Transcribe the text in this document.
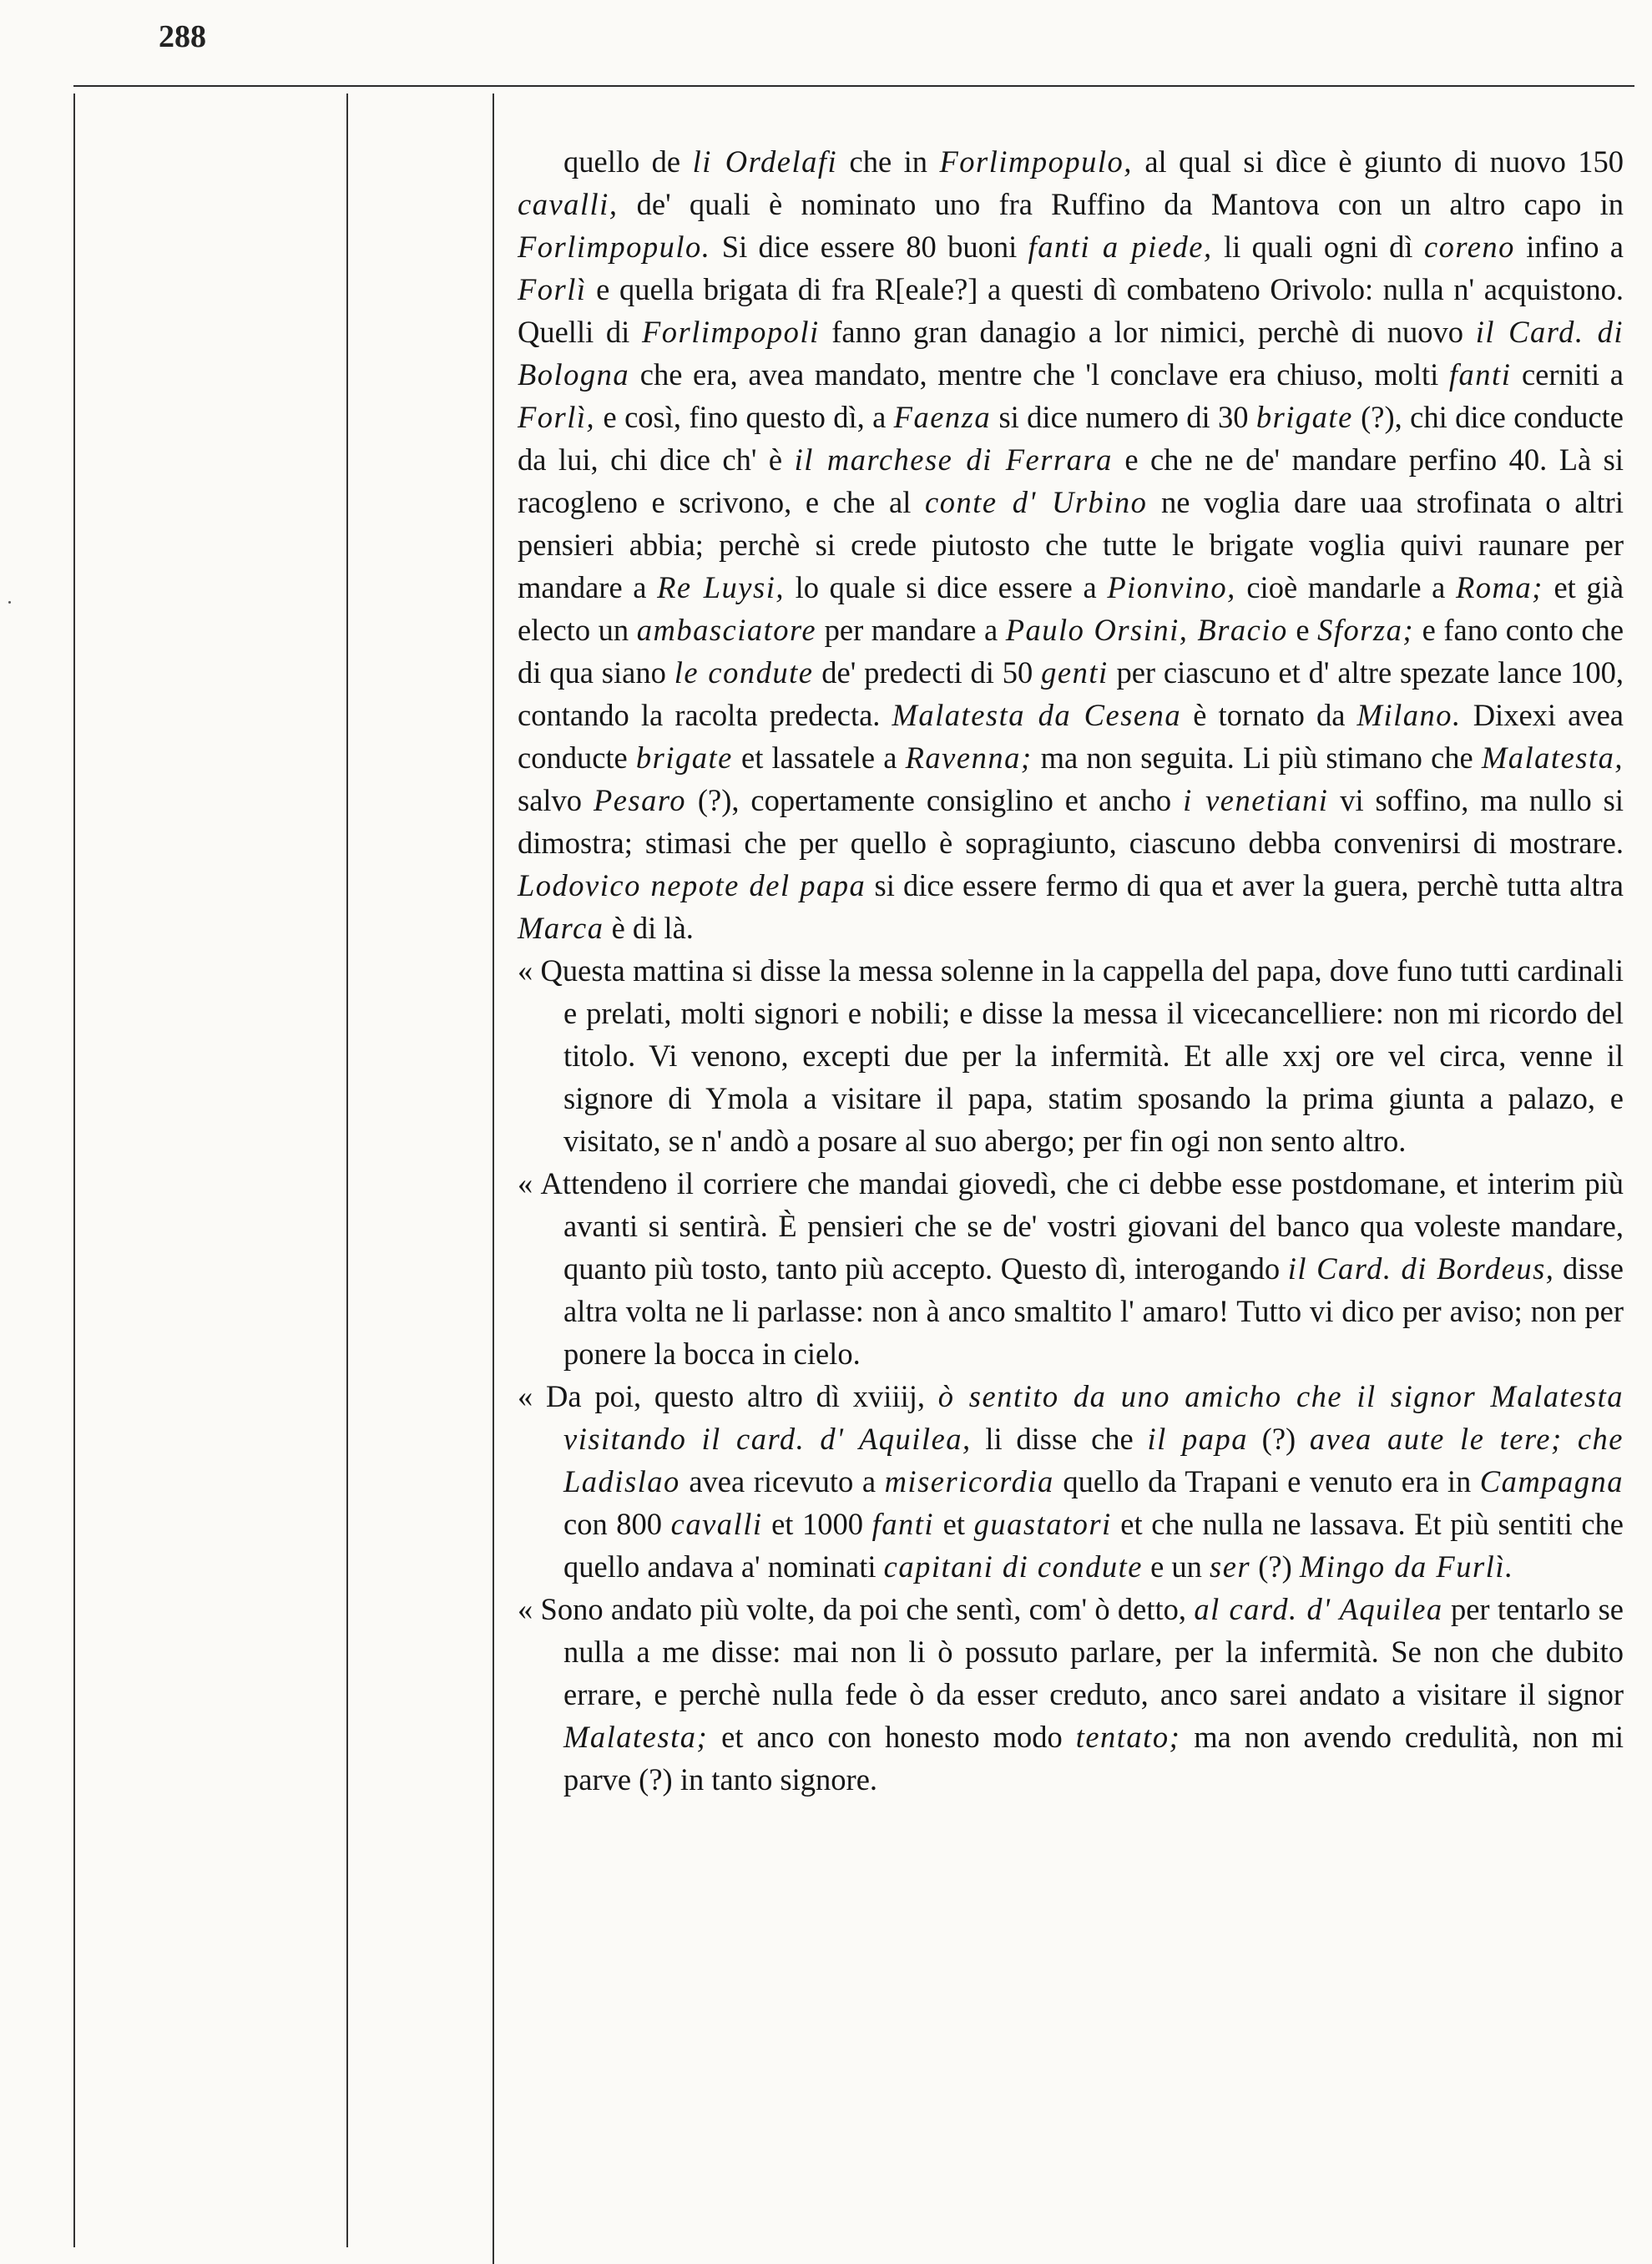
288

quello de li Ordelafi che in Forlimpopulo, al qual si dìce è giunto di nuovo 150 cavalli, de' quali è nominato uno fra Ruffino da Mantova con un altro capo in Forlimpopulo. Si dice essere 80 buoni fanti a piede, li quali ogni dì coreno infino a Forlì e quella brigata di fra R[eale?] a questi dì combateno Orivolo: nulla n' acquistono. Quelli di Forlimpopoli fanno gran danagio a lor nimici, perchè di nuovo il Card. di Bologna che era, avea mandato, mentre che 'l conclave era chiuso, molti fanti cerniti a Forlì, e così, fino questo dì, a Faenza si dice numero di 30 brigate (?), chi dice conducte da lui, chi dice ch' è il marchese di Ferrara e che ne de' mandare perfino 40. Là si racogleno e scrivono, e che al conte d' Urbino ne voglia dare uaa strofinata o altri pensieri abbia; perchè si crede piutosto che tutte le brigate voglia quivi raunare per mandare a Re Luysi, lo quale si dice essere a Pionvino, cioè mandarle a Roma; et già electo un ambasciatore per mandare a Paulo Orsini, Bracio e Sforza; e fano conto che di qua siano le condute de' predecti di 50 genti per ciascuno et d' altre spezate lance 100, contando la racolta predecta. Malatesta da Cesena è tornato da Milano. Dixexi avea conducte brigate et lassatele a Ravenna; ma non seguita. Li più stimano che Malatesta, salvo Pesaro (?), copertamente consiglino et ancho i venetiani vi soffino, ma nullo si dimostra; stimasi che per quello è sopragiunto, ciascuno debba convenirsi di mostrare. Lodovico nepote del papa si dice essere fermo di qua et aver la guera, perchè tutta altra Marca è di là.

« Questa mattina si disse la messa solenne in la cappella del papa, dove funo tutti cardinali e prelati, molti signori e nobili; e disse la messa il vicecancelliere: non mi ricordo del titolo. Vi venono, excepti due per la infermità. Et alle xxj ore vel circa, venne il signore di Ymola a visitare il papa, statim sposando la prima giunta a palazo, e visitato, se n' andò a posare al suo abergo; per fin ogi non sento altro.

« Attendeno il corriere che mandai giovedì, che ci debbe esse postdomane, et interim più avanti si sentirà. È pensieri che se de' vostri giovani del banco qua voleste mandare, quanto più tosto, tanto più accepto. Questo dì, interogando il Card. di Bordeus, disse altra volta ne li parlasse: non à anco smaltito l' amaro! Tutto vi dico per aviso; non per ponere la bocca in cielo.

« Da poi, questo altro dì xviiij, ò sentito da uno amicho che il signor Malatesta visitando il card. d' Aquilea, li disse che il papa (?) avea aute le tere; che Ladislao avea ricevuto a misericordia quello da Trapani e venuto era in Campagna con 800 cavalli et 1000 fanti et guastatori et che nulla ne lassava. Et più sentiti che quello andava a' nominati capitani di condute e un ser (?) Mingo da Furlì.

« Sono andato più volte, da poi che sentì, com' ò detto, al card. d' Aquilea per tentarlo se nulla a me disse: mai non li ò possuto parlare, per la infermità. Se non che dubito errare, e perchè nulla fede ò da esser creduto, anco sarei andato a visitare il signor Malatesta; et anco con honesto modo tentato; ma non avendo credulità, non mi parve (?) in tanto signore.
